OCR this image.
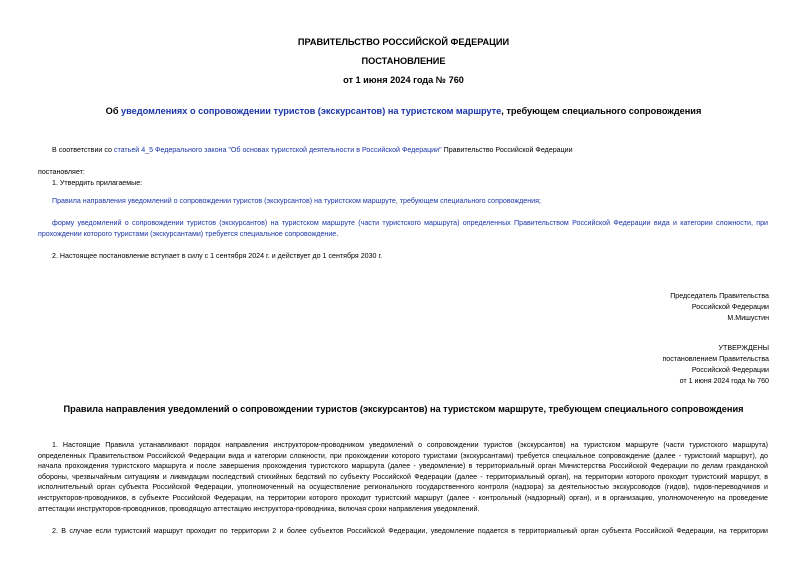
ПРАВИТЕЛЬСТВО РОССИЙСКОЙ ФЕДЕРАЦИИ
ПОСТАНОВЛЕНИЕ
от 1 июня 2024 года № 760
Об уведомлениях о сопровождении туристов (экскурсантов) на туристском маршруте, требующем специального сопровождения
В соответствии со статьей 4_5 Федерального закона "Об основах туристской деятельности в Российской Федерации" Правительство Российской Федерации
постановляет:
1. Утвердить прилагаемые:
Правила направления уведомлений о сопровождении туристов (экскурсантов) на туристском маршруте, требующем специального сопровождения;
форму уведомлений о сопровождении туристов (экскурсантов) на туристском маршруте (части туристского маршрута) определенных Правительством Российской Федерации вида и категории сложности, при
прохождении которого туристами (экскурсантами) требуется специальное сопровождение.
2. Настоящее постановление вступает в силу с 1 сентября 2024 г. и действует до 1 сентября 2030 г.
Председатель Правительства
Российской Федерации
М.Мишустин
УТВЕРЖДЕНЫ
постановлением Правительства
Российской Федерации
от 1 июня 2024 года № 760
Правила направления уведомлений о сопровождении туристов (экскурсантов) на туристском маршруте, требующем специального сопровождения
1. Настоящие Правила устанавливают порядок направления инструктором-проводником уведомлений о сопровождении туристов (экскурсантов) на туристском маршруте (части туристского маршрута)
определенных Правительством Российской Федерации вида и категории сложности, при прохождении которого туристами (экскурсантами) требуется специальное сопровождение (далее - туристский маршрут), до
начала прохождения туристского маршрута и после завершения прохождения туристского маршрута (далее - уведомление) в территориальный орган Министерства Российской Федерации по делам гражданской
обороны, чрезвычайным ситуациям и ликвидации последствий стихийных бедствий по субъекту Российской Федерации (далее - территориальный орган), на территории которого проходит туристский маршрут, в
исполнительный орган субъекта Российской Федерации, уполномоченный на осуществление регионального государственного контроля (надзора) за деятельностью экскурсоводов (гидов), гидов-переводчиков и
инструкторов-проводников, в субъекте Российской Федерации, на территории которого проходит туристский маршрут (далее - контрольный (надзорный) орган), и в организацию, уполномоченную на проведение
аттестации инструкторов-проводников, проводящую аттестацию инструктора-проводника, включая сроки направления уведомлений.
2. В случае если туристский маршрут проходит по территории 2 и более субъектов Российской Федерации, уведомление подается в территориальный орган субъекта Российской Федерации, на территории
